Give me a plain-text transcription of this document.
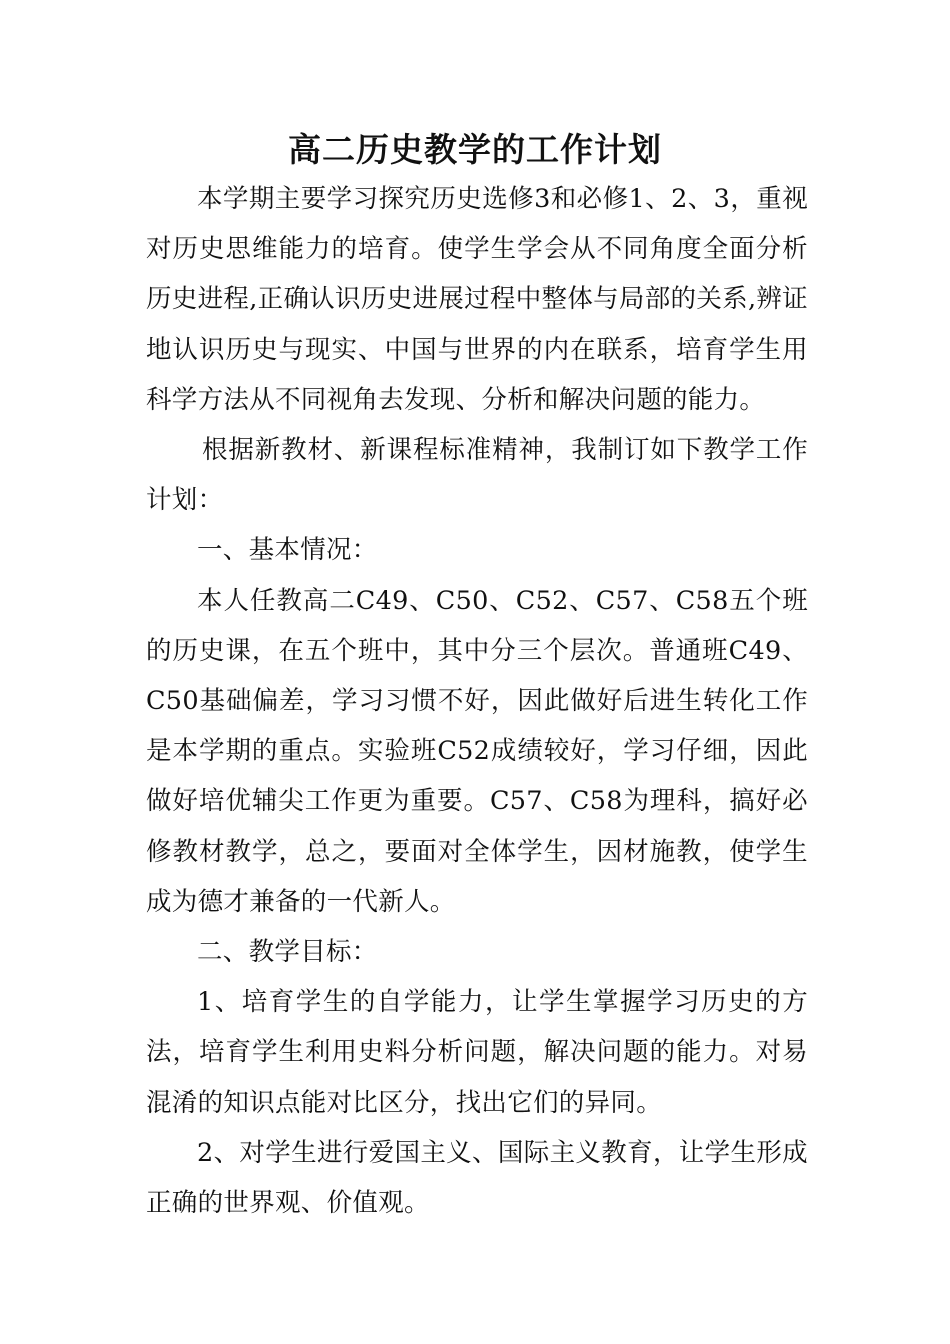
高二历史教学的工作计划

本学期主要学习探究历史选修3和必修1、2、3，重视对历史思维能力的培育。使学生学会从不同角度全面分析历史进程,正确认识历史进展过程中整体与局部的关系,辨证地认识历史与现实、中国与世界的内在联系，培育学生用科学方法从不同视角去发现、分析和解决问题的能力。

根据新教材、新课程标准精神，我制订如下教学工作计划：

一、基本情况：

本人任教高二C49、C50、C52、C57、C58五个班的历史课，在五个班中，其中分三个层次。普通班C49、C50基础偏差，学习习惯不好，因此做好后进生转化工作是本学期的重点。实验班C52成绩较好，学习仔细，因此做好培优辅尖工作更为重要。C57、C58为理科，搞好必修教材教学，总之，要面对全体学生，因材施教，使学生成为德才兼备的一代新人。

二、教学目标：

1、培育学生的自学能力，让学生掌握学习历史的方法，培育学生利用史料分析问题，解决问题的能力。对易混淆的知识点能对比区分，找出它们的异同。

2、对学生进行爱国主义、国际主义教育，让学生形成正确的世界观、价值观。
